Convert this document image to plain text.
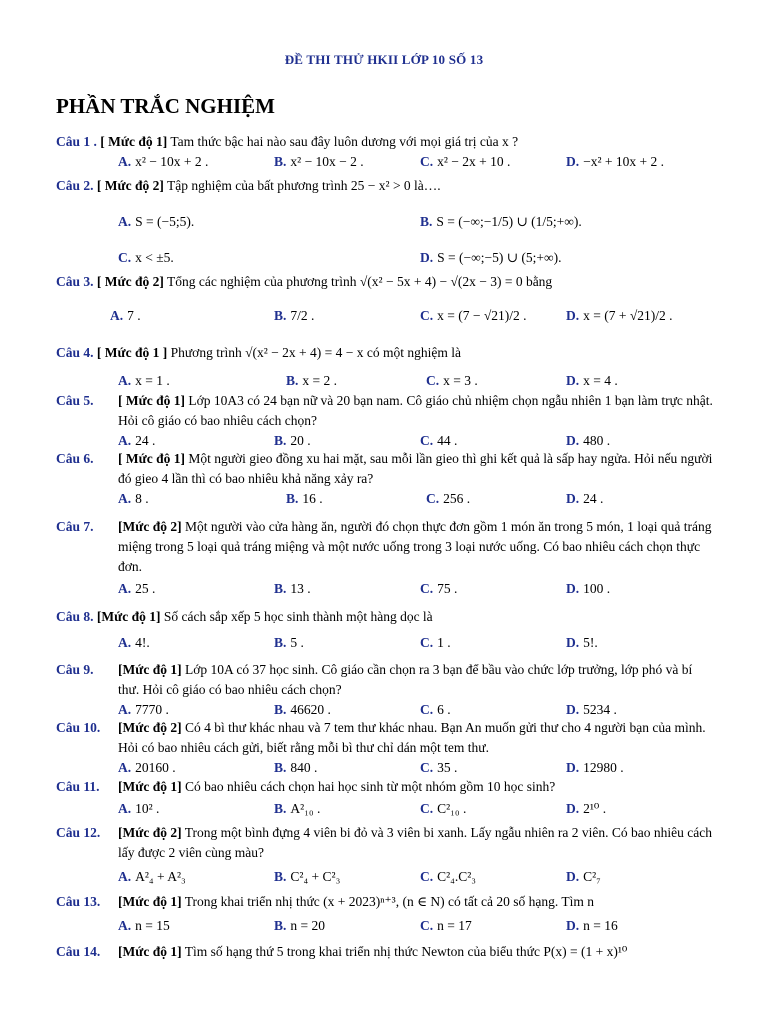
ĐỀ THI THỬ HKII LỚP 10 SỐ 13
PHẦN TRẮC NGHIỆM
Câu 1 . [ Mức độ 1] Tam thức bậc hai nào sau đây luôn dương với mọi giá trị của x ?
A. x² − 10x + 2 .	B. x² − 10x − 2 .	C. x² − 2x + 10 .	D. −x² + 10x + 2 .
Câu 2. [ Mức độ 2] Tập nghiệm của bất phương trình 25 − x² > 0 là….
A. S = (−5;5).	B. S = (−∞;−1/5) ∪ (1/5;+∞).
C. x < ±5.	D. S = (−∞;−5) ∪ (5;+∞).
Câu 3. [ Mức độ 2] Tổng các nghiệm của phương trình √(x² − 5x + 4) − √(2x − 3) = 0 bằng
A. 7 .	B. 7/2 .	C. x = (7 − √21)/2 .	D. x = (7 + √21)/2 .
Câu 4. [ Mức độ 1 ] Phương trình √(x² − 2x + 4) = 4 − x có một nghiệm là
A. x = 1 .	B. x = 2 .	C. x = 3 .	D. x = 4 .
Câu 5. [ Mức độ 1] Lớp 10A3 có 24 bạn nữ và 20 bạn nam. Cô giáo chủ nhiệm chọn ngẫu nhiên 1 bạn làm trực nhật. Hỏi cô giáo có bao nhiêu cách chọn?
A. 24 .	B. 20 .	C. 44 .	D. 480 .
Câu 6. [ Mức độ 1] Một người gieo đồng xu hai mặt, sau mỗi lần gieo thì ghi kết quả là sấp hay ngửa. Hỏi nếu người đó gieo 4 lần thì có bao nhiêu khả năng xảy ra?
A. 8 .	B. 16 .	C. 256 .	D. 24 .
Câu 7. [Mức độ 2] Một người vào cửa hàng ăn, người đó chọn thực đơn gồm 1 món ăn trong 5 món, 1 loại quả tráng miệng trong 5 loại quả tráng miệng và một nước uống trong 3 loại nước uống. Có bao nhiêu cách chọn thực đơn.
A. 25 .	B. 13 .	C. 75 .	D. 100 .
Câu 8. [Mức độ 1] Số cách sắp xếp 5 học sinh thành một hàng dọc là
A. 4!.	B. 5 .	C. 1 .	D. 5!.
Câu 9. [Mức độ 1] Lớp 10A có 37 học sinh. Cô giáo cần chọn ra 3 bạn để bầu vào chức lớp trưởng, lớp phó và bí thư. Hỏi cô giáo có bao nhiêu cách chọn?
A. 7770 .	B. 46620 .	C. 6 .	D. 5234 .
Câu 10. [Mức độ 2] Có 4 bì thư khác nhau và 7 tem thư khác nhau. Bạn An muốn gửi thư cho 4 người bạn của mình. Hỏi có bao nhiêu cách gửi, biết rằng mỗi bì thư chỉ dán một tem thư.
A. 20160 .	B. 840 .	C. 35 .	D. 12980 .
Câu 11. [Mức độ 1] Có bao nhiêu cách chọn hai học sinh từ một nhóm gồm 10 học sinh?
A. 10² .	B. A²₁₀ .	C. C²₁₀ .	D. 2¹⁰ .
Câu 12. [Mức độ 2] Trong một bình đựng 4 viên bi đỏ và 3 viên bi xanh. Lấy ngẫu nhiên ra 2 viên. Có bao nhiêu cách lấy được 2 viên cùng màu?
A. A²₄ + A²₃	B. C²₄ + C²₃	C. C²₄.C²₃	D. C²₇
Câu 13. [Mức độ 1] Trong khai triển nhị thức (x + 2023)ⁿ⁺³, (n ∈ N) có tất cả 20 số hạng. Tìm n
A. n = 15	B. n = 20	C. n = 17	D. n = 16
Câu 14. [Mức độ 1] Tìm số hạng thứ 5 trong khai triển nhị thức Newton của biểu thức P(x) = (1 + x)¹⁰
